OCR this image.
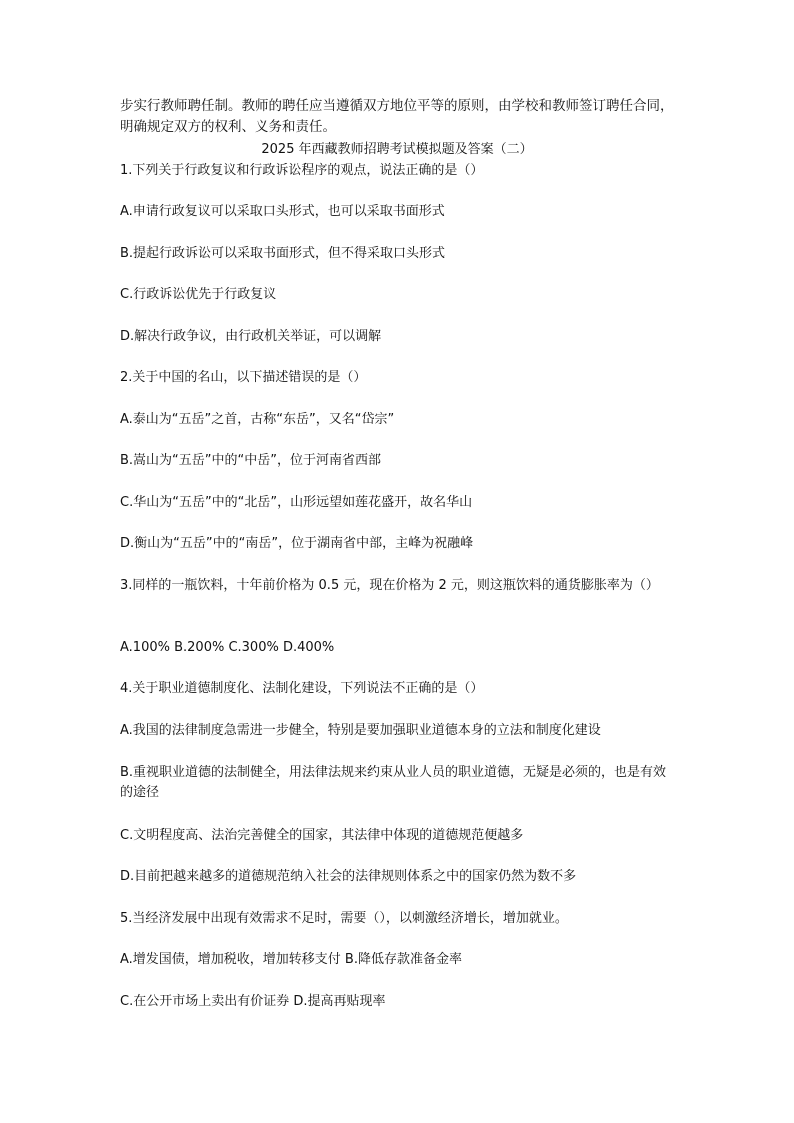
步实行教师聘任制。教师的聘任应当遵循双方地位平等的原则，由学校和教师签订聘任合同，明确规定双方的权利、义务和责任。
2025 年西藏教师招聘考试模拟题及答案（二）
1.下列关于行政复议和行政诉讼程序的观点，说法正确的是（）
A.申请行政复议可以采取口头形式，也可以采取书面形式
B.提起行政诉讼可以采取书面形式，但不得采取口头形式
C.行政诉讼优先于行政复议
D.解决行政争议，由行政机关举证，可以调解
2.关于中国的名山，以下描述错误的是（）
A.泰山为“五岳”之首，古称“东岳”，又名“岱宗”
B.嵩山为“五岳”中的“中岳”，位于河南省西部
C.华山为“五岳”中的“北岳”，山形远望如莲花盛开，故名华山
D.衡山为“五岳”中的“南岳”，位于湖南省中部，主峰为祝融峰
3.同样的一瓶饮料，十年前价格为 0.5 元，现在价格为 2 元，则这瓶饮料的通货膨胀率为（）
A.100% B.200% C.300% D.400%
4.关于职业道德制度化、法制化建设，下列说法不正确的是（）
A.我国的法律制度急需进一步健全，特别是要加强职业道德本身的立法和制度化建设
B.重视职业道德的法制健全，用法律法规来约束从业人员的职业道德，无疑是必须的，也是有效的途径
C.文明程度高、法治完善健全的国家，其法律中体现的道德规范便越多
D.目前把越来越多的道德规范纳入社会的法律规则体系之中的国家仍然为数不多
5.当经济发展中出现有效需求不足时，需要（），以刺激经济增长，增加就业。
A.增发国债，增加税收，增加转移支付 B.降低存款准备金率
C.在公开市场上卖出有价证券 D.提高再贴现率
